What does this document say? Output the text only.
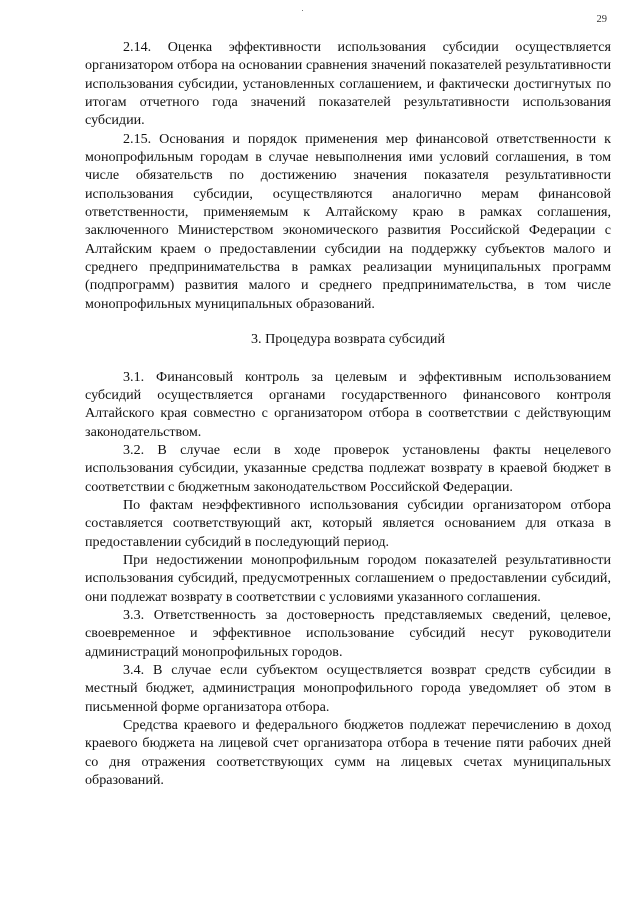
29

2.14. Оценка эффективности использования субсидии осуществляется организатором отбора на основании сравнения значений показателей результативности использования субсидии, установленных соглашением, и фактически достигнутых по итогам отчетного года значений показателей результативности использования субсидии.

2.15. Основания и порядок применения мер финансовой ответственности к монопрофильным городам в случае невыполнения ими условий соглашения, в том числе обязательств по достижению значения показателя результативности использования субсидии, осуществляются аналогично мерам финансовой ответственности, применяемым к Алтайскому краю в рамках соглашения, заключенного Министерством экономического развития Российской Федерации с Алтайским краем о предоставлении субсидии на поддержку субъектов малого и среднего предпринимательства в рамках реализации муниципальных программ (подпрограмм) развития малого и среднего предпринимательства, в том числе монопрофильных муниципальных образований.

3. Процедура возврата субсидий

3.1. Финансовый контроль за целевым и эффективным использованием субсидий осуществляется органами государственного финансового контроля Алтайского края совместно с организатором отбора в соответствии с действующим законодательством.

3.2. В случае если в ходе проверок установлены факты нецелевого использования субсидии, указанные средства подлежат возврату в краевой бюджет в соответствии с бюджетным законодательством Российской Федерации.

По фактам неэффективного использования субсидии организатором отбора составляется соответствующий акт, который является основанием для отказа в предоставлении субсидий в последующий период.

При недостижении монопрофильным городом показателей результативности использования субсидий, предусмотренных соглашением о предоставлении субсидий, они подлежат возврату в соответствии с условиями указанного соглашения.

3.3. Ответственность за достоверность представляемых сведений, целевое, своевременное и эффективное использование субсидий несут руководители администраций монопрофильных городов.

3.4. В случае если субъектом осуществляется возврат средств субсидии в местный бюджет, администрация монопрофильного города уведомляет об этом в письменной форме организатора отбора.

Средства краевого и федерального бюджетов подлежат перечислению в доход краевого бюджета на лицевой счет организатора отбора в течение пяти рабочих дней со дня отражения соответствующих сумм на лицевых счетах муниципальных образований.
